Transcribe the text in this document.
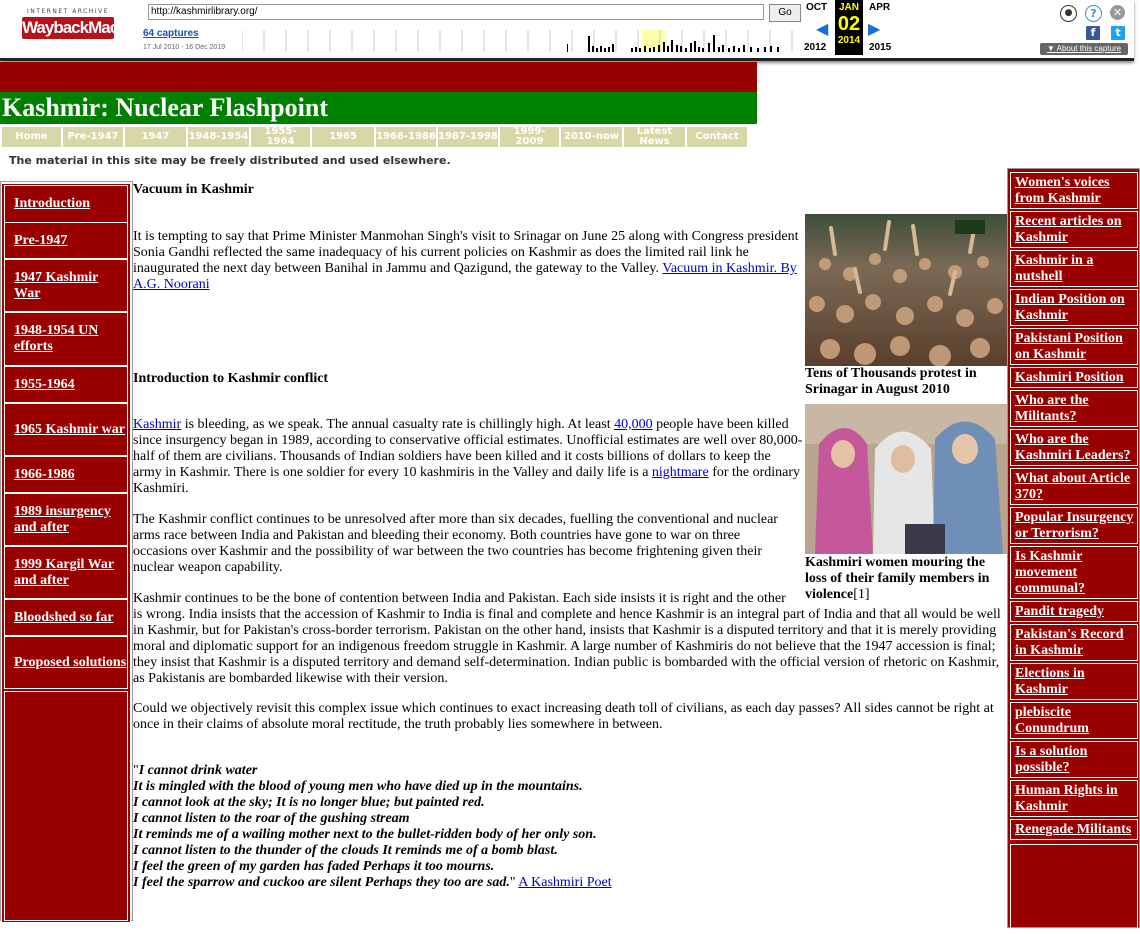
INTERNET ARCHIVE
WaybackMachine
http://kashmirlibrary.org/	Go
64 captures
17 Jul 2010 - 16 Dec 2019
OCT	JAN
02
2014
APR
◀ ▶
2012	2015
●	?	✕
f	t
▼ About this capture
Kashmir: Nuclear Flashpoint
Home	Pre-1947	1947	1948-1954	1955-1964	1965	1966-1986 1987-1998	1999-2009	2010-now	Latest News	Contact
The material in this site may be freely distributed and used elsewhere.
Introduction
Pre-1947
1947 Kashmir War
1948-1954 UN efforts
1955-1964
1965 Kashmir war
1966-1986
1989 insurgency and after
1999 Kargil War and after
Bloodshed so far
Proposed solutions
Women's voices from Kashmir
Recent articles on Kashmir
Kashmir in a nutshell
Indian Position on Kashmir
Pakistani Position on Kashmir
Kashmiri Position
Who are the Militants?
Who are the Kashmiri Leaders?
What about Article 370?
Popular Insurgency or Terrorism?
Is Kashmir movement communal?
Pandit tragedy
Pakistan's Record in Kashmir
Elections in Kashmir
plebiscite Conundrum
Is a solution possible?
Human Rights in Kashmir
Renegade Militants
Vacuum in Kashmir
It is tempting to say that Prime Minister Manmohan Singh's visit to Srinagar on June 25 along with Congress president Sonia Gandhi reflected the same inadequacy of his current policies on Kashmir as does the limited rail link he inaugurated the next day between Banihal in Jammu and Qazigund, the gateway to the Valley. Vacuum in Kashmir. By A.G. Noorani
Introduction to Kashmir conflict
Kashmir is bleeding, as we speak. The annual casualty rate is chillingly high. At least 40,000 people have been killed since insurgency began in 1989, according to conservative official estimates. Unofficial estimates are well over 80,000-half of them are civilians. Thousands of Indian soldiers have been killed and it costs billions of dollars to keep the army in Kashmir. There is one soldier for every 10 kashmiris in the Valley and daily life is a nightmare for the ordinary Kashmiri.
The Kashmir conflict continues to be unresolved after more than six decades, fuelling the conventional and nuclear arms race between India and Pakistan and bleeding their economy. Both countries have gone to war on three occasions over Kashmir and the possibility of war between the two countries has become frightening given their nuclear weapon capability.
Kashmir continues to be the bone of contention between India and Pakistan. Each side insists it is right and the other
is wrong. India insists that the accession of Kashmir to India is final and complete and hence Kashmir is an integral part of India and that all would be well in Kashmir, but for Pakistan's cross-border terrorism. Pakistan on the other hand, insists that Kashmir is a disputed territory and that it is merely providing moral and diplomatic support for an indigenous freedom struggle in Kashmir. A large number of Kashmiris do not believe that the 1947 accession is final; they insist that Kashmir is a disputed territory and demand self-determination. Indian public is bombarded with the official version of rhetoric on Kashmir, as Pakistanis are bombarded likewise with their version.
Could we objectively revisit this complex issue which continues to exact increasing death toll of civilians, as each day passes? All sides cannot be right at once in their claims of absolute moral rectitude, the truth probably lies somewhere in between.
"I cannot drink water
It is mingled with the blood of young men who have died up in the mountains.
I cannot look at the sky; It is no longer blue; but painted red.
I cannot listen to the roar of the gushing stream
It reminds me of a wailing mother next to the bullet-ridden body of her only son.
I cannot listen to the thunder of the clouds It reminds me of a bomb blast.
I feel the green of my garden has faded Perhaps it too mourns.
I feel the sparrow and cuckoo are silent Perhaps they too are sad." A Kashmiri Poet
Tens of Thousands protest in Srinagar in August 2010
Kashmiri women mouring the loss of their family members in violence[1]
